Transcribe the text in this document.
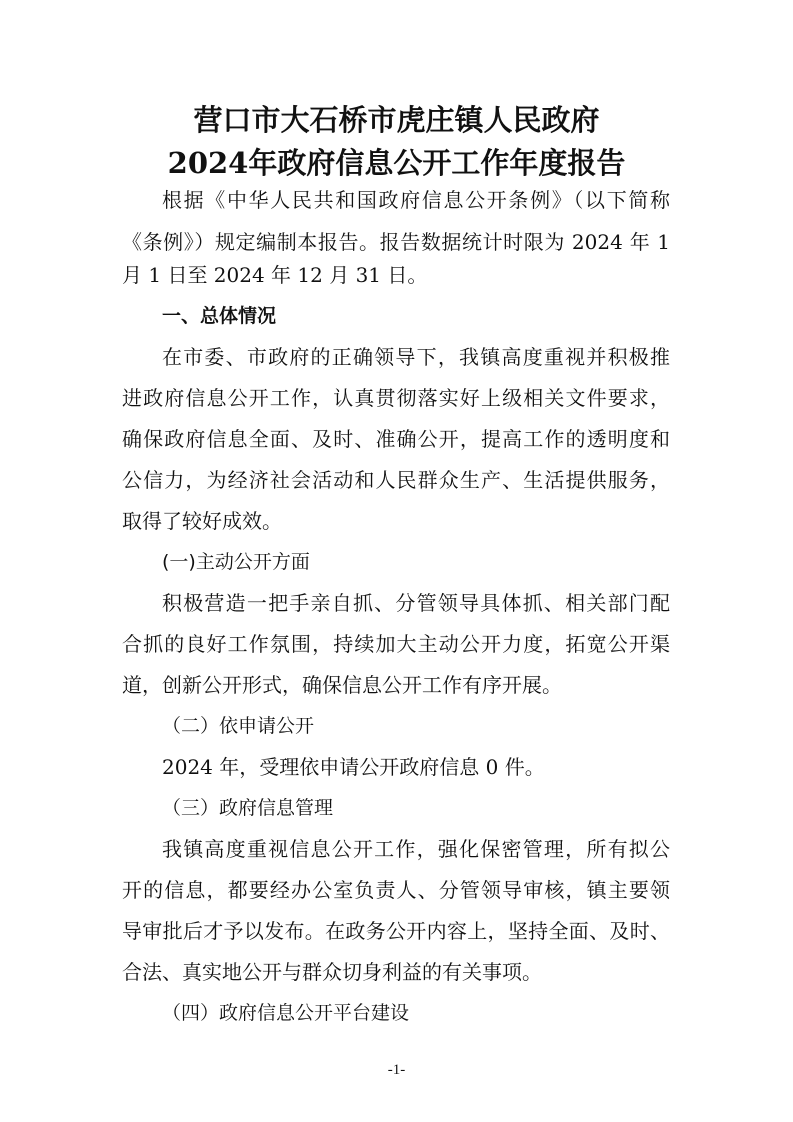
营口市大石桥市虎庄镇人民政府
2024年政府信息公开工作年度报告
根据《中华人民共和国政府信息公开条例》（以下简称
《条例》）规定编制本报告。报告数据统计时限为 2024 年 1
月 1 日至 2024 年 12 月 31 日。
一、总体情况
在市委、市政府的正确领导下，我镇高度重视并积极推
进政府信息公开工作，认真贯彻落实好上级相关文件要求，
确保政府信息全面、及时、准确公开，提高工作的透明度和
公信力，为经济社会活动和人民群众生产、生活提供服务，
取得了较好成效。
(一)主动公开方面
积极营造一把手亲自抓、分管领导具体抓、相关部门配
合抓的良好工作氛围，持续加大主动公开力度，拓宽公开渠
道，创新公开形式，确保信息公开工作有序开展。
（二）依申请公开
2024 年，受理依申请公开政府信息 0 件。
（三）政府信息管理
我镇高度重视信息公开工作，强化保密管理，所有拟公
开的信息，都要经办公室负责人、分管领导审核，镇主要领
导审批后才予以发布。在政务公开内容上，坚持全面、及时、
合法、真实地公开与群众切身利益的有关事项。
（四）政府信息公开平台建设
-1-
